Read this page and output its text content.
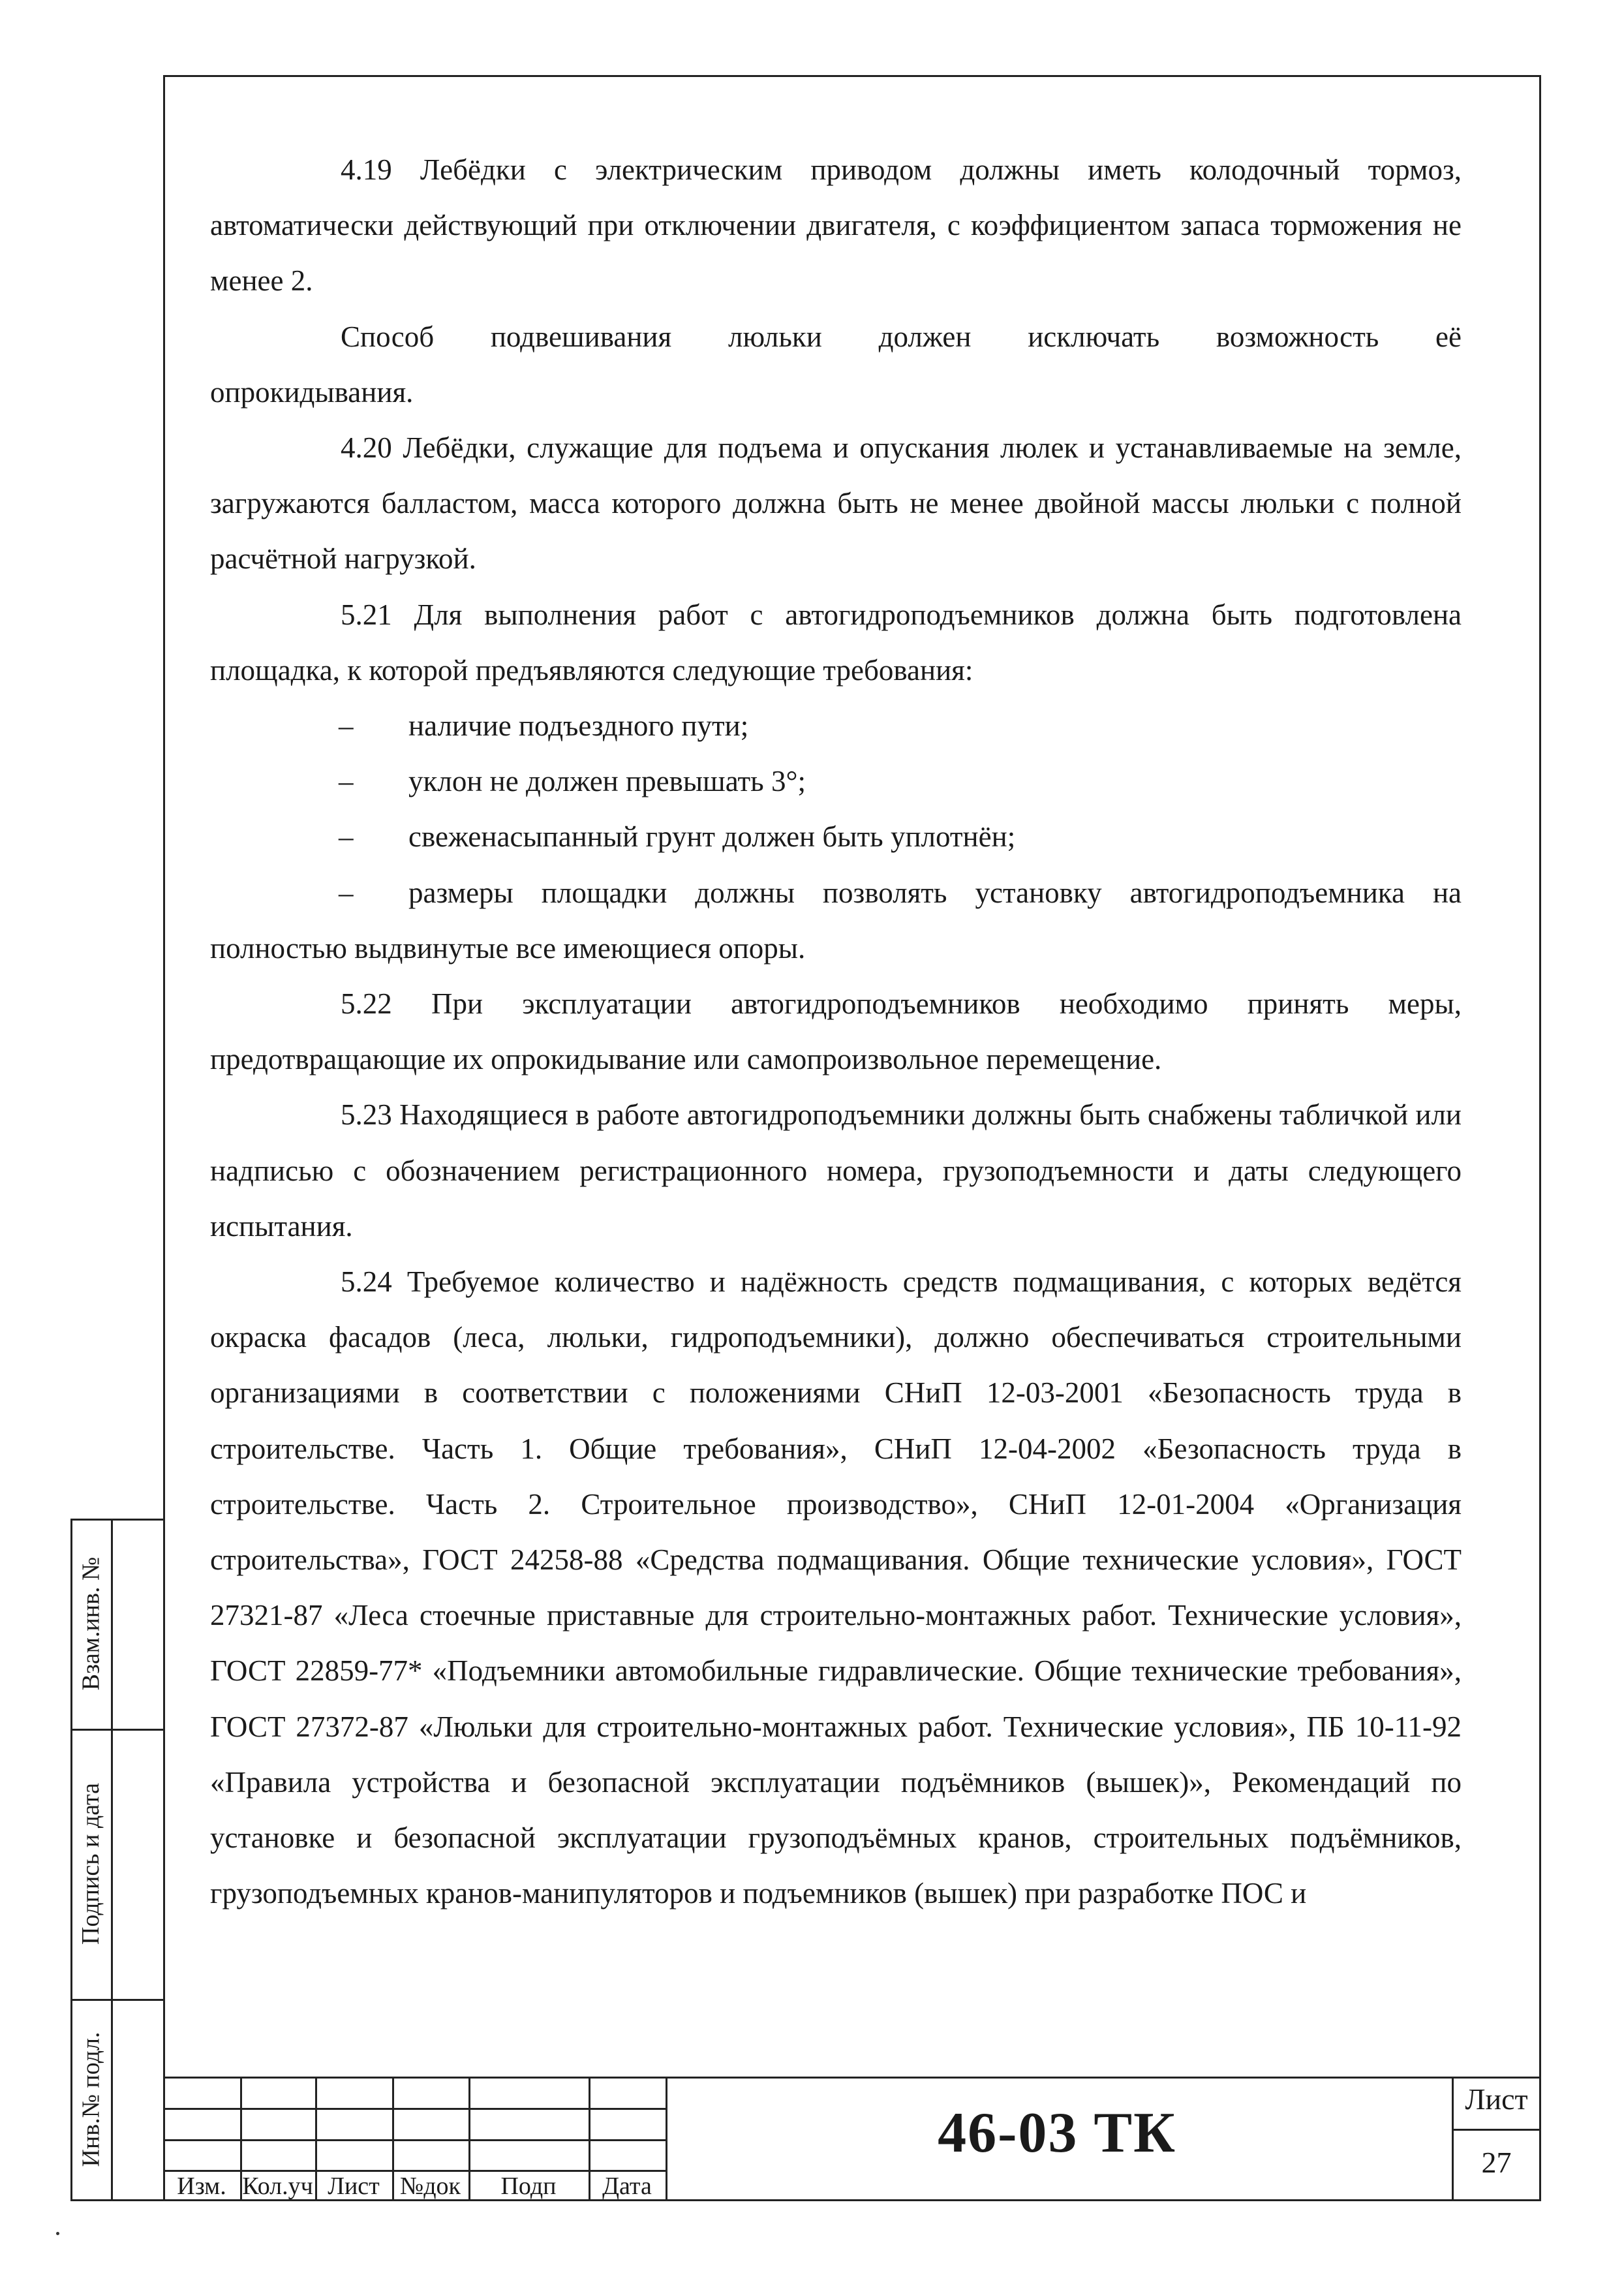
4.19 Лебёдки с электрическим приводом должны иметь колодочный тормоз, автоматически действующий при отключении двигателя, с коэффициентом запаса торможения не менее 2.

Способ подвешивания люльки должен исключать возможность её опрокидывания.

4.20 Лебёдки, служащие для подъема и опускания люлек и устанавливаемые на земле, загружаются балластом, масса которого должна быть не менее двойной массы люльки с полной расчётной нагрузкой.

5.21 Для выполнения работ с автогидроподъемников должна быть подготовлена площадка, к которой предъявляются следующие требования:

–	наличие подъездного пути;

–	уклон не должен превышать 3°;

–	свеженасыпанный грунт должен быть уплотнён;

–	размеры площадки должны позволять установку автогидроподъемника на полностью выдвинутые все имеющиеся опоры.

5.22 При эксплуатации автогидроподъемников необходимо принять меры, предотвращающие их опрокидывание или самопроизвольное перемещение.

5.23 Находящиеся в работе автогидроподъемники должны быть снабжены табличкой или надписью с обозначением регистрационного номера, грузоподъемности и даты следующего испытания.

5.24 Требуемое количество и надёжность средств подмащивания, с которых ведётся окраска фасадов (леса, люльки, гидроподъемники), должно обеспечиваться строительными организациями в соответствии с положениями СНиП 12-03-2001 «Безопасность труда в строительстве. Часть 1. Общие требования», СНиП 12-04-2002 «Безопасность труда в строительстве. Часть 2. Строительное производство», СНиП 12-01-2004 «Организация строительства», ГОСТ 24258-88 «Средства подмащивания. Общие технические условия», ГОСТ 27321-87 «Леса стоечные приставные для строительно-монтажных работ. Технические условия», ГОСТ 22859-77* «Подъемники автомобильные гидравлические. Общие технические требования», ГОСТ 27372-87 «Люльки для строительно-монтажных работ. Технические условия», ПБ 10-11-92 «Правила устройства и безопасной эксплуатации подъёмников (вышек)», Рекомендаций по установке и безопасной эксплуатации грузоподъёмных кранов, строительных подъёмников, грузоподъемных кранов-манипуляторов и подъемников (вышек) при разработке ПОС и

Взам.инв. №
Подпись и дата
Инв.№ подл.
Изм. Кол.уч Лист №док	Подп	Дата
46-03 ТК
Лист
27
